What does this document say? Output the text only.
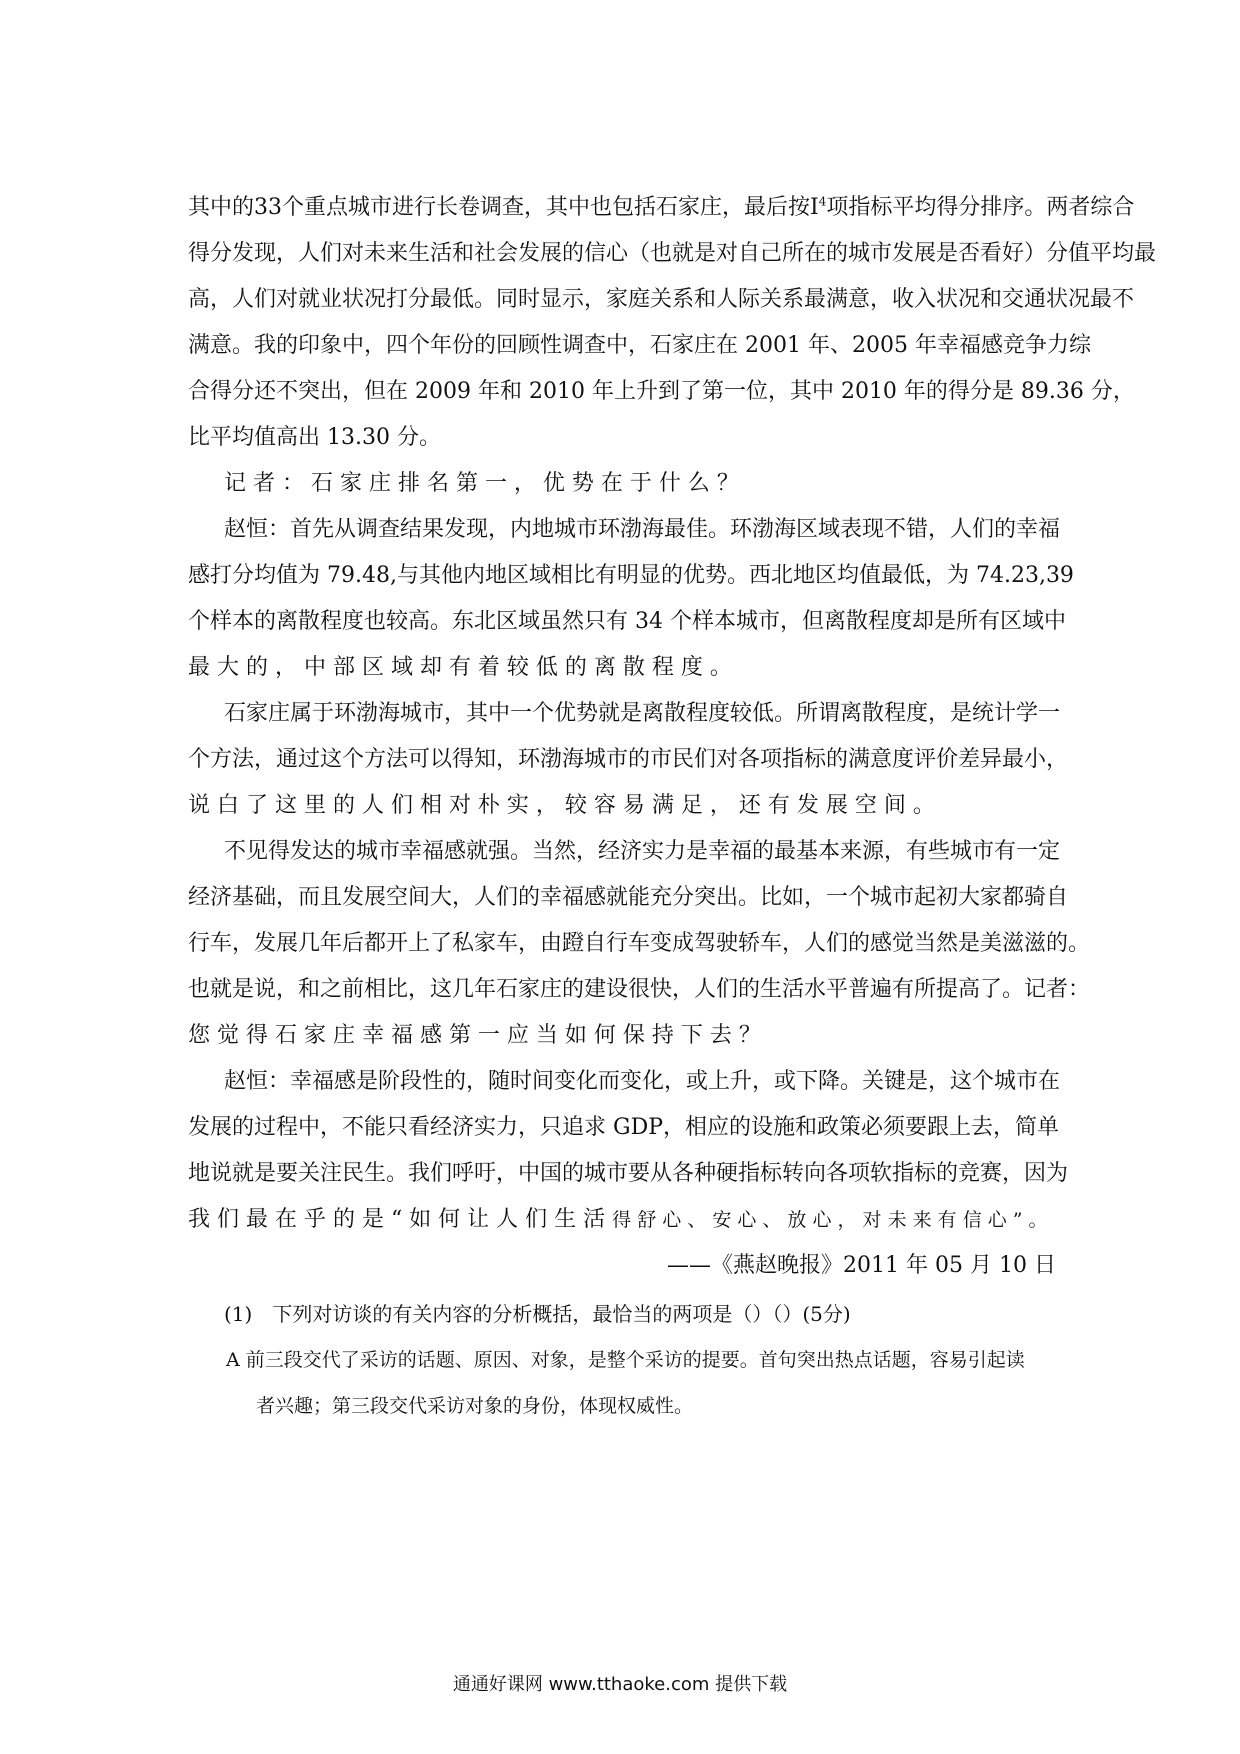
其中的33个重点城市进行长卷调查，其中也包括石家庄，最后按$I^4$项指标平均得分排序。两者综合
得分发现，人们对未来生活和社会发展的信心（也就是对自己所在的城市发展是否看好）分值平均最
高，人们对就业状况打分最低。同时显示，家庭关系和人际关系最满意，收入状况和交通状况最不
满意。我的印象中，四个年份的回顾性调查中，石家庄在 2001 年、2005 年幸福感竞争力综
合得分还不突出，但在 2009 年和 2010 年上升到了第一位，其中 2010 年的得分是 89.36 分，
比平均值高出 13.30 分。
记 者 ： 石 家 庄 排 名 第 一 ， 优 势 在 于 什 么 ？
赵恒：首先从调查结果发现，内地城市环渤海最佳。环渤海区域表现不错，人们的幸福
感打分均值为 79.48,与其他内地区域相比有明显的优势。西北地区均值最低，为 74.23,39
个样本的离散程度也较高。东北区域虽然只有 34 个样本城市，但离散程度却是所有区域中
最 大 的 ， 中 部 区 域 却 有 着 较 低 的 离 散 程 度 。
石家庄属于环渤海城市，其中一个优势就是离散程度较低。所谓离散程度，是统计学一
个方法，通过这个方法可以得知，环渤海城市的市民们对各项指标的满意度评价差异最小，
说 白 了 这 里 的 人 们 相 对 朴 实 ， 较 容 易 满 足 ， 还 有 发 展 空 间 。
不见得发达的城市幸福感就强。当然，经济实力是幸福的最基本来源，有些城市有一定
经济基础，而且发展空间大，人们的幸福感就能充分突出。比如，一个城市起初大家都骑自
行车，发展几年后都开上了私家车，由蹬自行车变成驾驶轿车，人们的感觉当然是美滋滋的。
也就是说，和之前相比，这几年石家庄的建设很快，人们的生活水平普遍有所提高了。记者：
您 觉 得 石 家 庄 幸 福 感 第 一 应 当 如 何 保 持 下 去 ？
赵恒：幸福感是阶段性的，随时间变化而变化，或上升，或下降。关键是，这个城市在
发展的过程中，不能只看经济实力，只追求 GDP，相应的设施和政策必须要跟上去，简单
地说就是要关注民生。我们呼吁，中国的城市要从各种硬指标转向各项软指标的竞赛，因为
我 们 最 在 乎 的 是 “ 如 何 让 人 们 生 活 得 舒 心 、 安 心 、 放 心 ， 对 未 来 有 信 心 ” 。
——《燕赵晚报》2011 年 05 月 10 日
(1)　下列对访谈的有关内容的分析概括，最恰当的两项是（）（）(5分)
A 前三段交代了采访的话题、原因、对象，是整个采访的提要。首句突出热点话题，容易引起读
者兴趣；第三段交代采访对象的身份，体现权威性。
通通好课网 www.tthaoke.com 提供下载
